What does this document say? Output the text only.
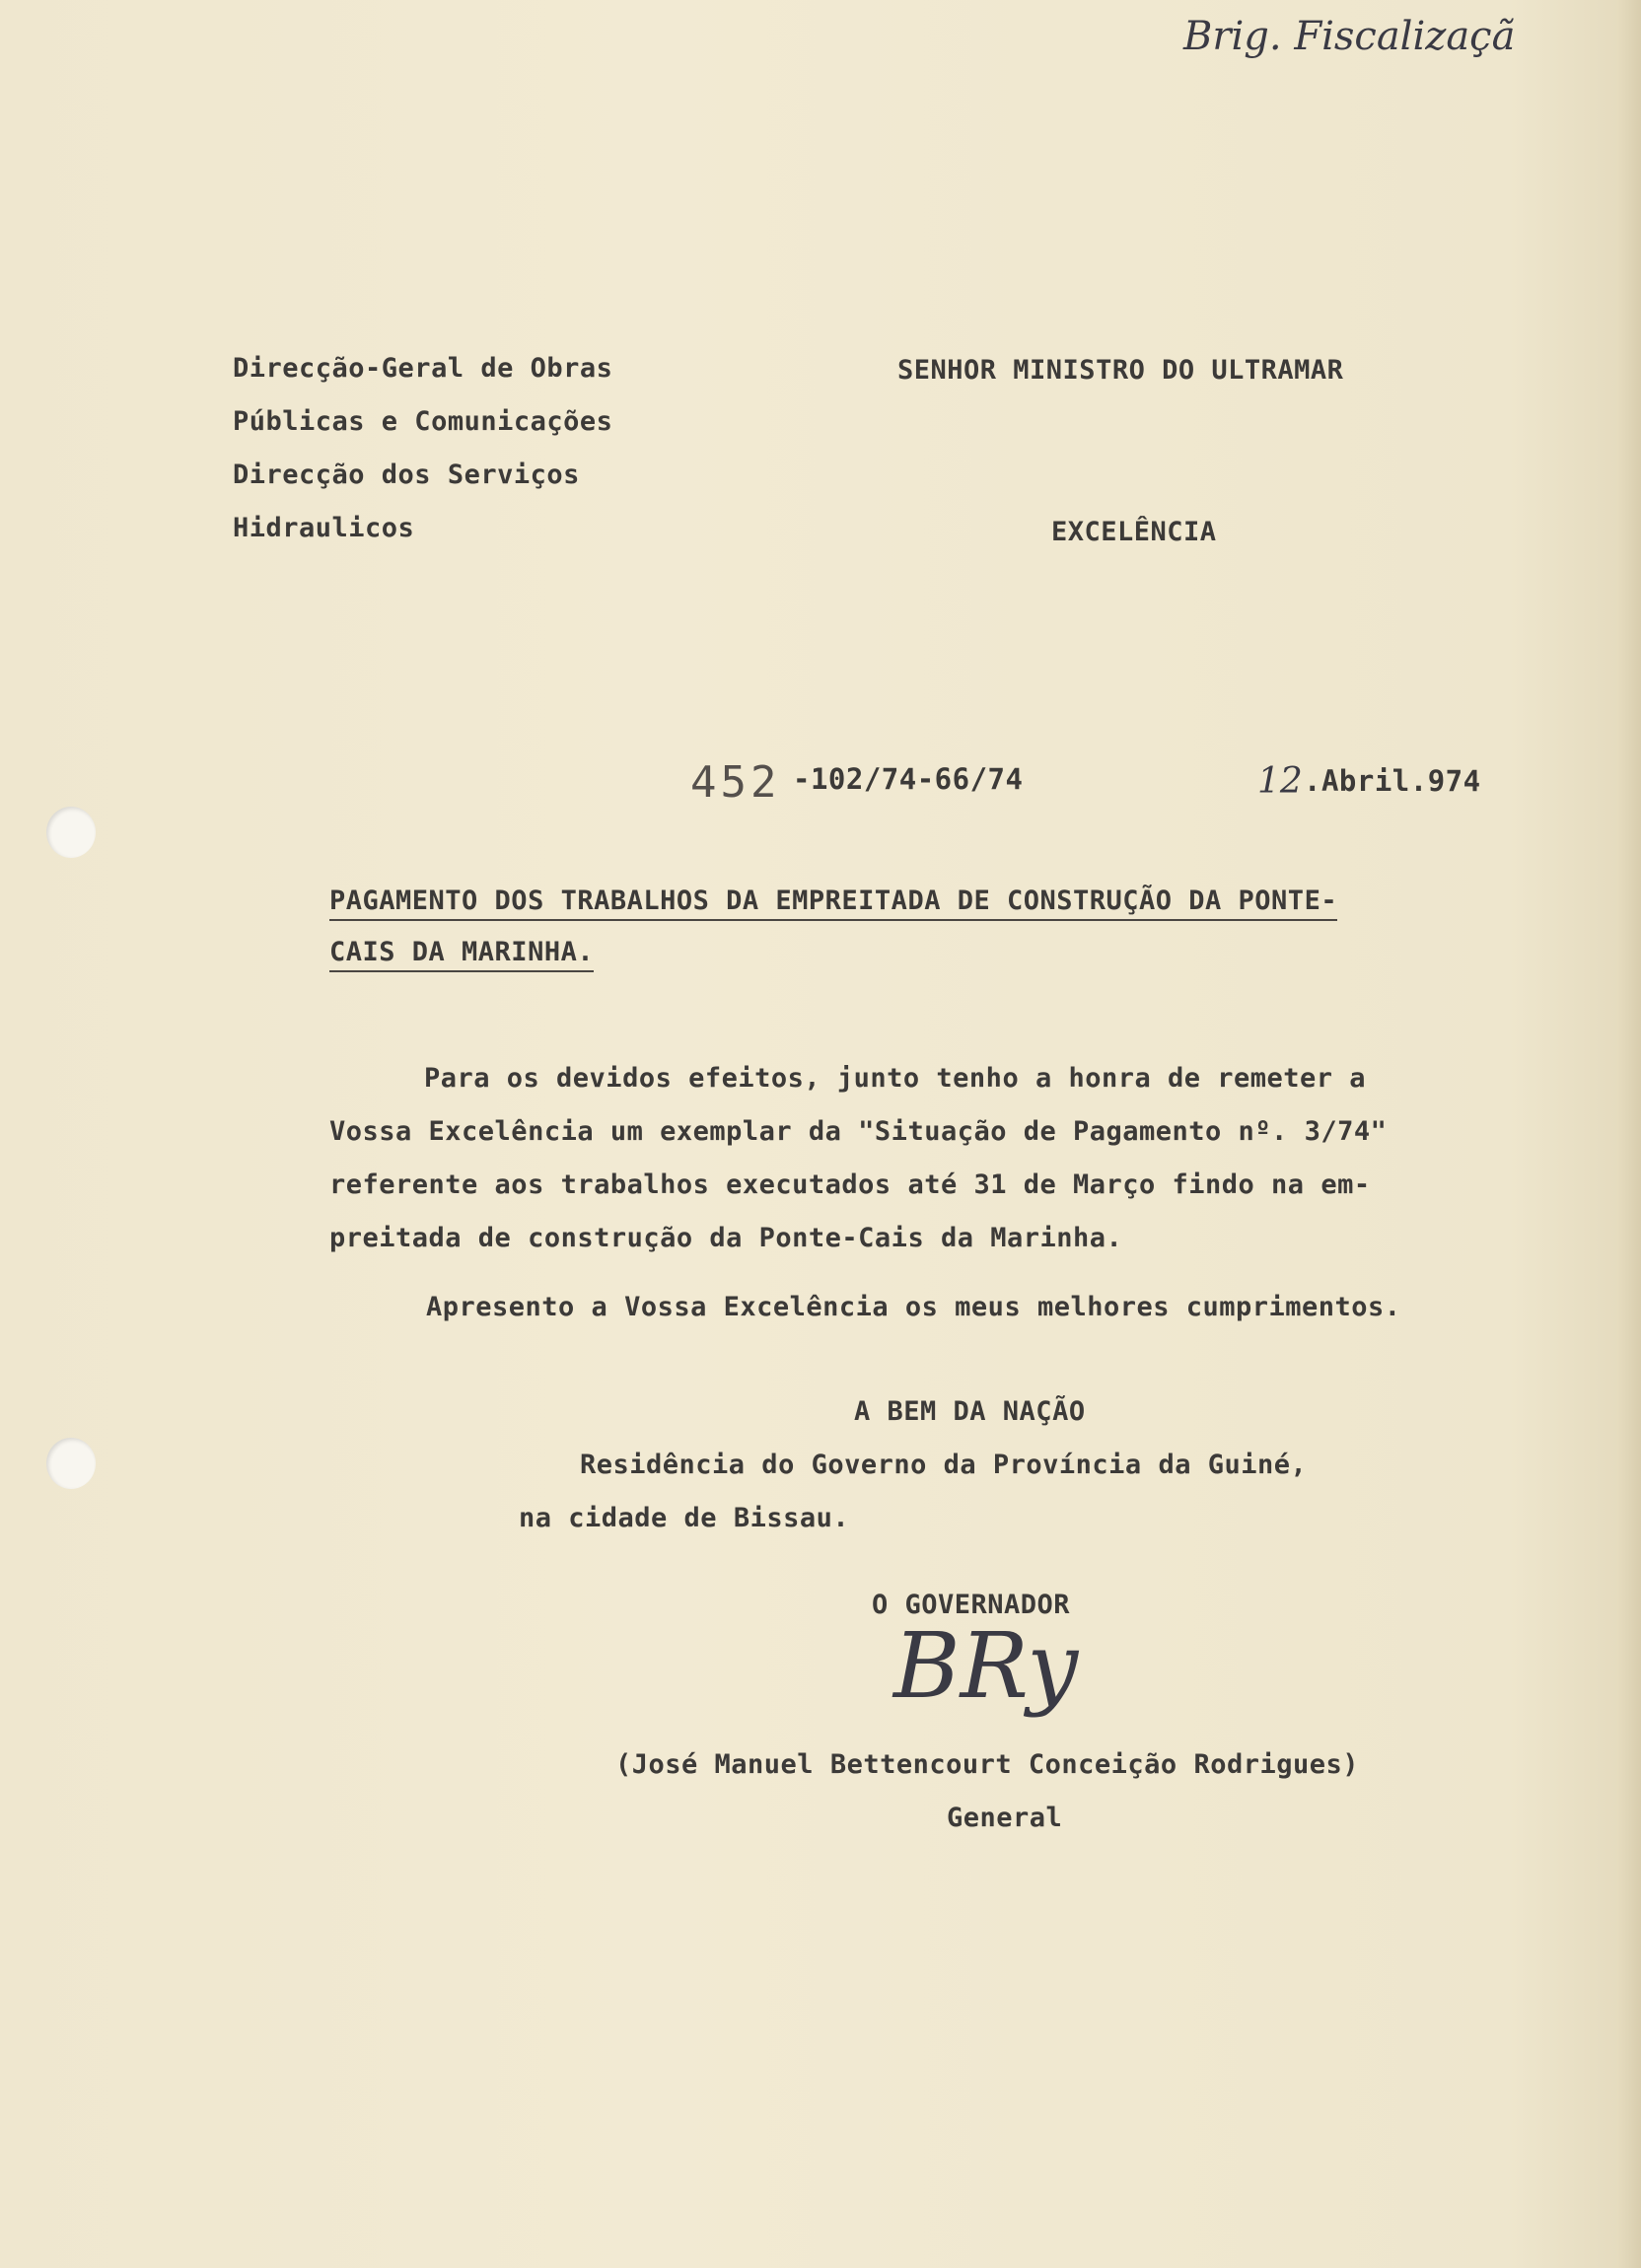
Brig. Fiscalizaçã
Direcção-Geral de Obras
Públicas e Comunicações
Direcção dos Serviços
Hidraulicos
SENHOR MINISTRO DO ULTRAMAR
EXCELÊNCIA
452 -102/74-66/74	12 .Abril.974
PAGAMENTO DOS TRABALHOS DA EMPREITADA DE CONSTRUÇÃO DA PONTE-
CAIS DA MARINHA.
Para os devidos efeitos, junto tenho a honra de remeter a
Vossa Excelência um exemplar da "Situação de Pagamento nº. 3/74"
referente aos trabalhos executados até 31 de Março findo na em-
preitada de construção da Ponte-Cais da Marinha.
Apresento a Vossa Excelência os meus melhores cumprimentos.
A BEM DA NAÇÃO
Residência do Governo da Província da Guiné,
na cidade de Bissau.
O GOVERNADOR
BRy
(José Manuel Bettencourt Conceição Rodrigues)
General
